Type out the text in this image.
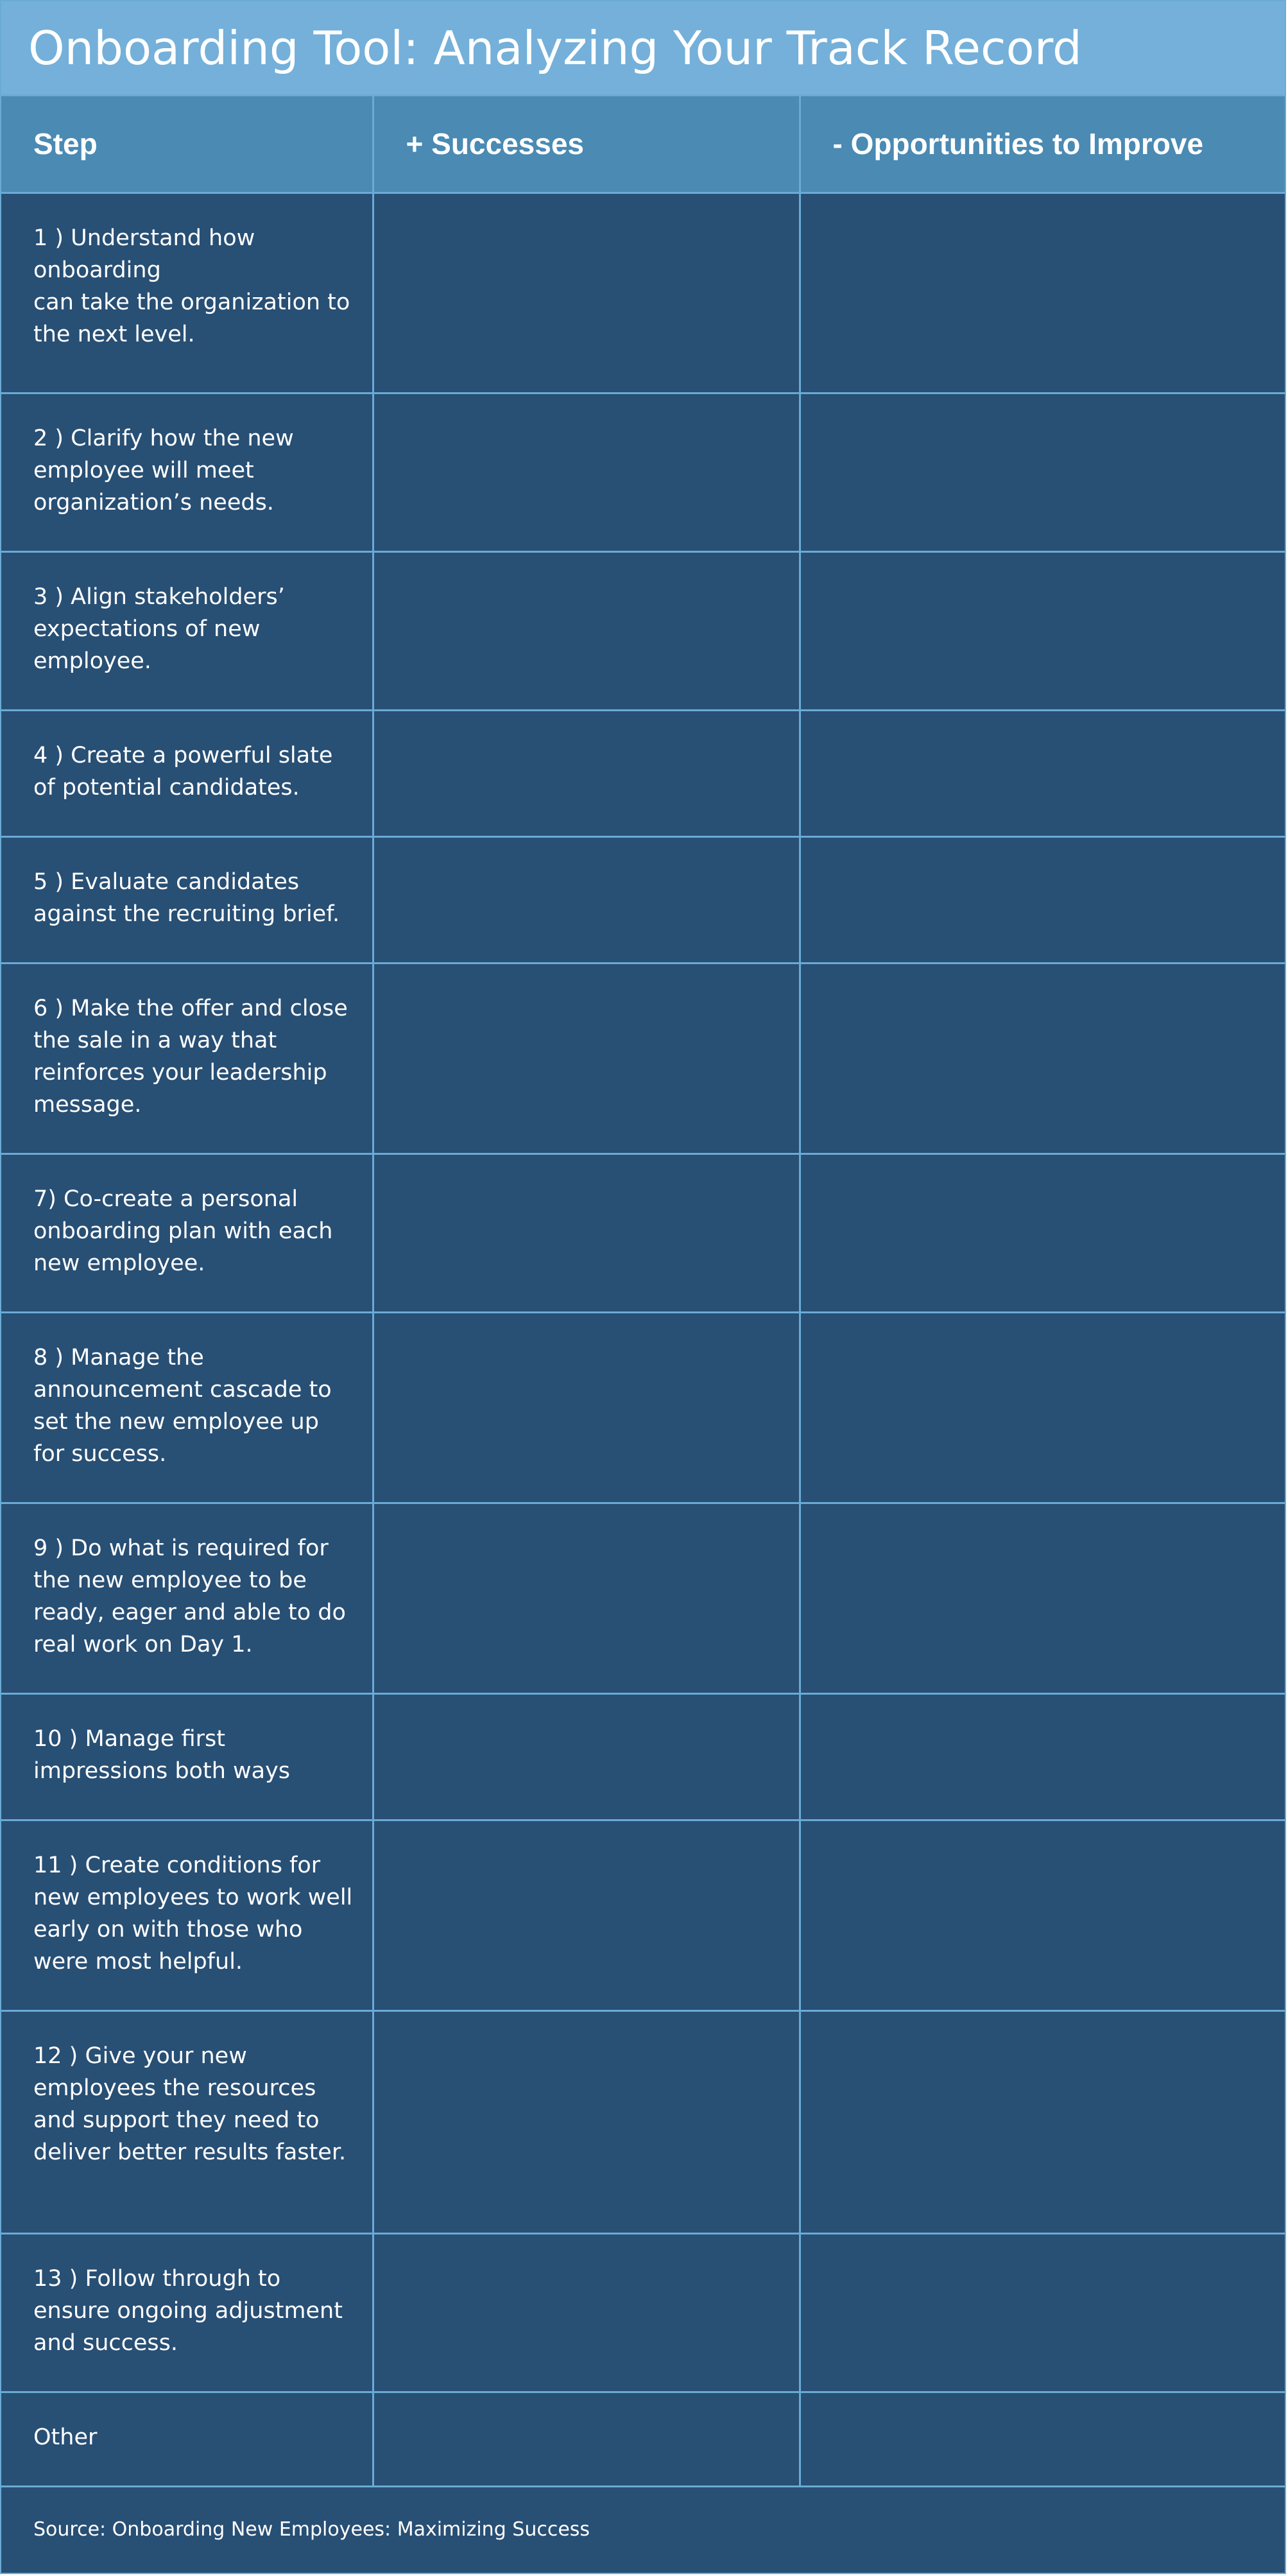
Onboarding Tool: Analyzing Your Track Record
Step	+ Successes	- Opportunities to Improve

1 ) Understand how onboarding
can take the organization to the next level.		

2 ) Clarify how the new employee will meet organization’s needs.		

3 ) Align stakeholders’ expectations of new employee.		

4 ) Create a powerful slate of potential candidates.		

5 ) Evaluate candidates against the recruiting brief.		

6 ) Make the offer and close the sale in a way that reinforces your leadership message.		

7) Co-create a personal onboarding plan with each new employee.		

8 ) Manage the announcement cascade to set the new employee up for success.		

9 ) Do what is required for the new employee to be ready, eager and able to do real work on Day 1.		

10 ) Manage first impressions both ways		

11 ) Create conditions for new employees to work well early on with those who were most helpful.		

12 ) Give your new employees the resources and support they need to deliver better results faster.		

13 ) Follow through to ensure ongoing adjustment and success.		

Other		

Source: Onboarding New Employees: Maximizing Success
